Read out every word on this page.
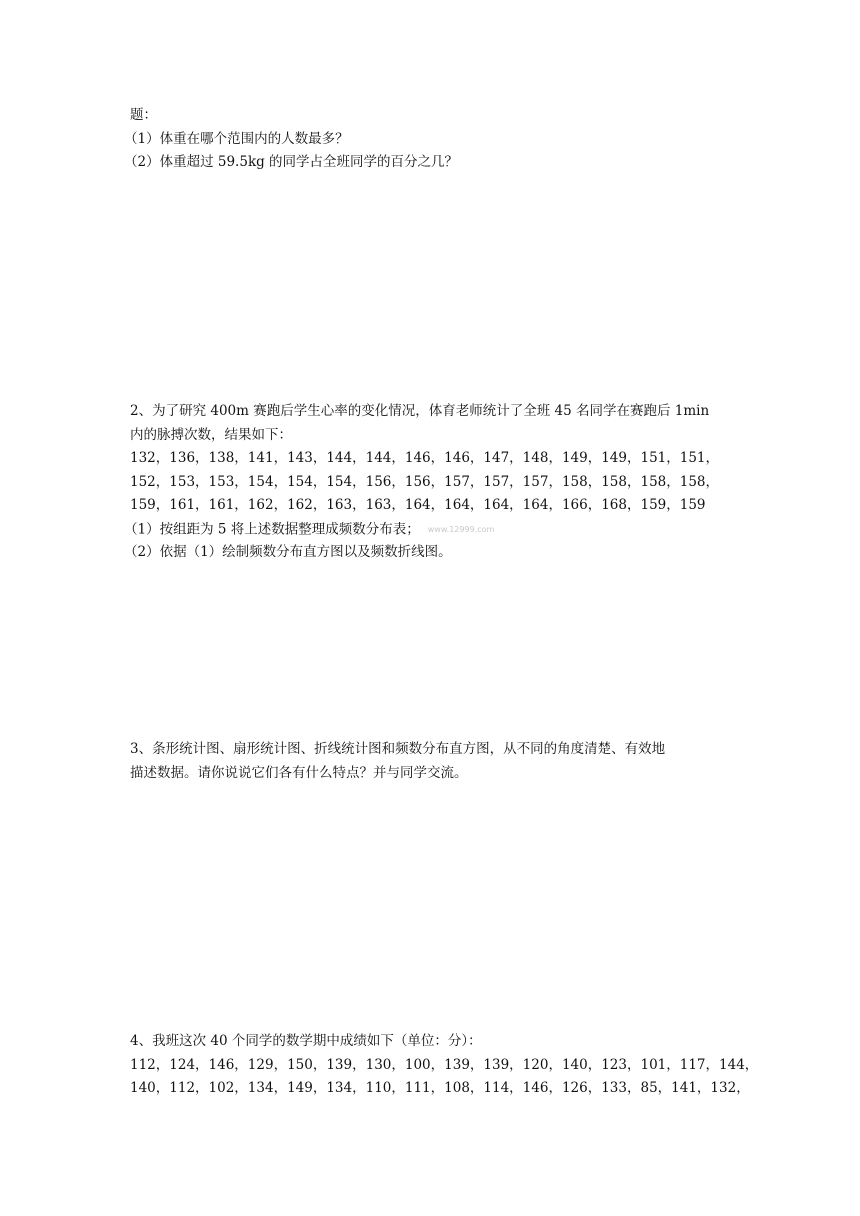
题：
（1）体重在哪个范围内的人数最多？
（2）体重超过 59.5kg 的同学占全班同学的百分之几？
2、为了研究 400m 赛跑后学生心率的变化情况，体育老师统计了全班 45 名同学在赛跑后 1min
内的脉搏次数，结果如下：
132，136，138，141，143，144，144，146，146，147，148，149，149，151，151，
152，153，153，154，154，154，156，156，157，157，157，158，158，158，158，
159，161，161，162，162，163，163，164，164，164，164，166，168，159，159
（1）按组距为 5 将上述数据整理成频数分布表； www.12999.com
（2）依据（1）绘制频数分布直方图以及频数折线图。
3、条形统计图、扇形统计图、折线统计图和频数分布直方图，从不同的角度清楚、有效地
描述数据。请你说说它们各有什么特点？并与同学交流。
4、我班这次 40 个同学的数学期中成绩如下（单位：分）：
112，124，146，129，150，139，130，100，139，139，120，140，123，101，117，144，
140，112，102，134，149，134，110，111，108，114，146，126，133，85，141，132，
